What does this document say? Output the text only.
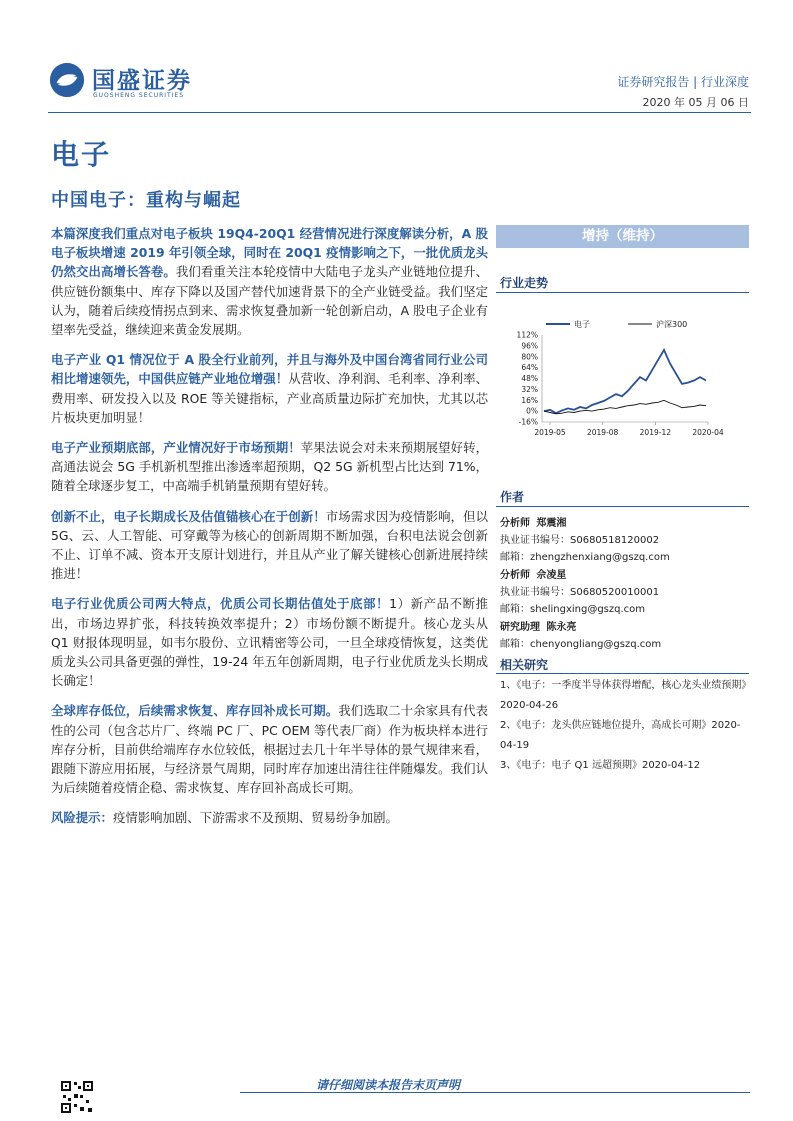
国盛证券
GUOSHENG SECURITIES
证券研究报告 | 行业深度
2020 年 05 月 06 日
电子
中国电子：重构与崛起

本篇深度我们重点对电子板块 19Q4-20Q1 经营情况进行深度解读分析，A 股电子板块增速 2019 年引领全球，同时在 20Q1 疫情影响之下，一批优质龙头仍然交出高增长答卷。我们看重关注本轮疫情中大陆电子龙头产业链地位提升、供应链份额集中、库存下降以及国产替代加速背景下的全产业链受益。我们坚定认为，随着后续疫情拐点到来、需求恢复叠加新一轮创新启动，A 股电子企业有望率先受益，继续迎来黄金发展期。

电子产业 Q1 情况位于 A 股全行业前列，并且与海外及中国台湾省同行业公司相比增速领先，中国供应链产业地位增强！从营收、净利润、毛利率、净利率、费用率、研发投入以及 ROE 等关键指标，产业高质量边际扩充加快，尤其以芯片板块更加明显！

电子产业预期底部，产业情况好于市场预期！苹果法说会对未来预期展望好转，高通法说会 5G 手机新机型推出渗透率超预期，Q2 5G 新机型占比达到 71%，随着全球逐步复工，中高端手机销量预期有望好转。

创新不止，电子长期成长及估值锚核心在于创新！市场需求因为疫情影响，但以 5G、云、人工智能、可穿戴等为核心的创新周期不断加强，台积电法说会创新不止、订单不减、资本开支原计划进行，并且从产业了解关键核心创新进展持续推进！

电子行业优质公司两大特点，优质公司长期估值处于底部！1）新产品不断推出，市场边界扩张，科技转换效率提升；2）市场份额不断提升。核心龙头从 Q1 财报体现明显，如韦尔股份、立讯精密等公司，一旦全球疫情恢复，这类优质龙头公司具备更强的弹性，19-24 年五年创新周期，电子行业优质龙头长期成长确定！

全球库存低位，后续需求恢复、库存回补成长可期。我们选取二十余家具有代表性的公司（包含芯片厂、终端 PC 厂、PC OEM 等代表厂商）作为板块样本进行库存分析，目前供给端库存水位较低，根据过去几十年半导体的景气规律来看，跟随下游应用拓展，与经济景气周期，同时库存加速出清往往伴随爆发。我们认为后续随着疫情企稳、需求恢复、库存回补高成长可期。

风险提示：疫情影响加剧、下游需求不及预期、贸易纷争加剧。

增持（维持）
行业走势
112%
96%
80%
64%
48%
32%
16%
0%
-16%
2019-05	2019-08	2019-12	2020-04
电子	沪深300
作者
分析师 郑震湘
执业证书编号：S0680518120002
邮箱：zhengzhenxiang@gszq.com
分析师 佘凌星
执业证书编号：S0680520010001
邮箱：shelingxing@gszq.com
研究助理 陈永亮
邮箱：chenyongliang@gszq.com
相关研究
1、《电子：一季度半导体获得增配，核心龙头业绩预期》2020-04-26
2、《电子：龙头供应链地位提升，高成长可期》2020-04-19
3、《电子：电子 Q1 远超预期》2020-04-12
请仔细阅读本报告末页声明
